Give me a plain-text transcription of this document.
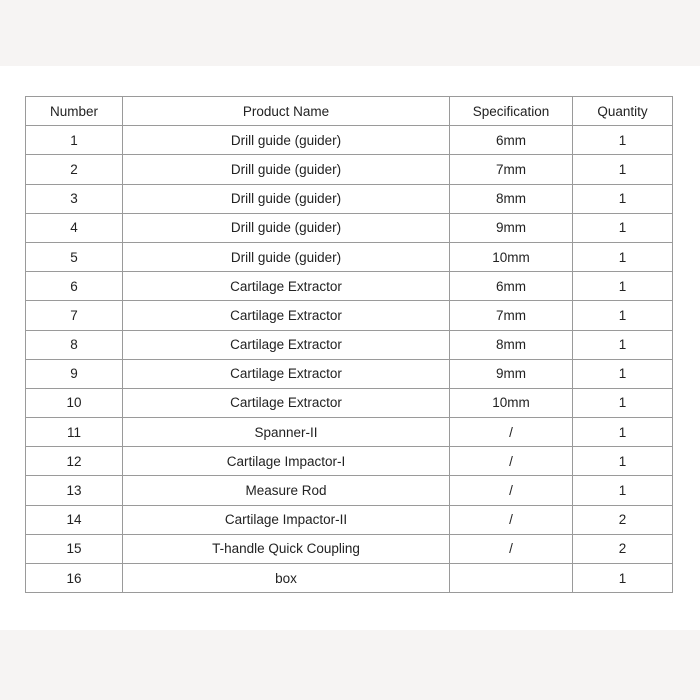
Number	Product Name	Specification	Quantity
1	Drill guide (guider)	6mm	1
2	Drill guide (guider)	7mm	1
3	Drill guide (guider)	8mm	1
4	Drill guide (guider)	9mm	1
5	Drill guide (guider)	10mm	1
6	Cartilage Extractor	6mm	1
7	Cartilage Extractor	7mm	1
8	Cartilage Extractor	8mm	1
9	Cartilage Extractor	9mm	1
10	Cartilage Extractor	10mm	1
11	Spanner-II	/	1
12	Cartilage Impactor-I	/	1
13	Measure Rod	/	1
14	Cartilage Impactor-II	/	2
15	T-handle Quick Coupling	/	2
16	box		1
